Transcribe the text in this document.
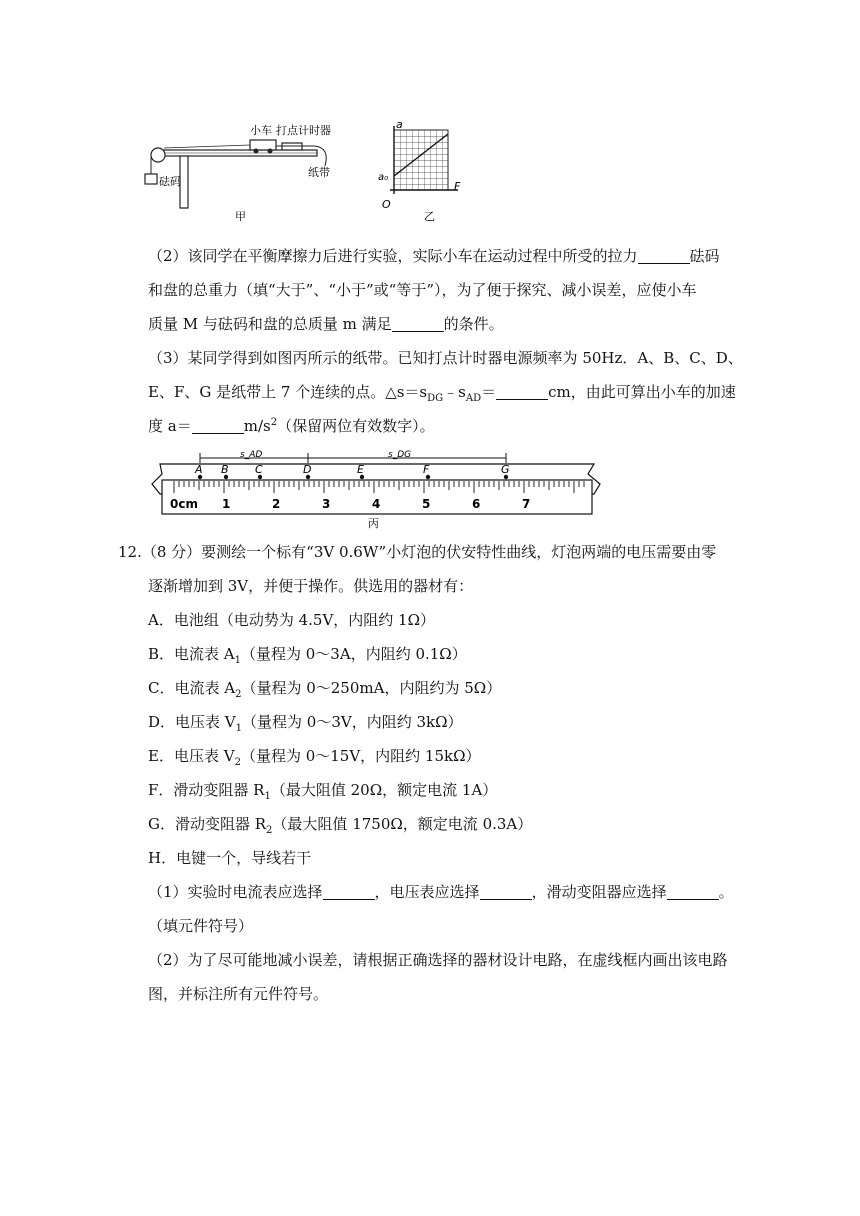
小车 打点计时器
砝码
纸带
甲
a
F
a₀
O
乙
（2）该同学在平衡摩擦力后进行实验，实际小车在运动过程中所受的拉力	砝码
和盘的总重力（填“大于”、“小于”或“等于”），为了便于探究、减小误差，应使小车
质量 M 与砝码和盘的总质量 m 满足	的条件。
（3）某同学得到如图丙所示的纸带。已知打点计时器电源频率为 50Hz．A、B、C、D、
E、F、G 是纸带上 7 个连续的点。$\triangle s=s_{DG}﹣s_{AD}=$	cm，由此可算出小车的加速
度 a＝	$m/s^2$（保留两位有效数字）。
s_AD	s_DG
A B C	D	E	F	G
0cm 1	2	3	4	5	6	7
丙
12.（8 分）要测绘一个标有“3V 0.6W”小灯泡的伏安特性曲线，灯泡两端的电压需要由零
逐渐增加到 3V，并便于操作。供选用的器材有：
A．电池组（电动势为 4.5V，内阻约 1Ω）
B．电流表 $A_1$（量程为 0～3A，内阻约 0.1Ω）
C．电流表 $A_2$（量程为 0～250mA，内阻约为 5Ω）
D．电压表 $V_1$（量程为 0～3V，内阻约 3kΩ）
E．电压表 $V_2$（量程为 0～15V，内阻约 15kΩ）
F．滑动变阻器 $R_1$（最大阻值 20Ω，额定电流 1A）
G．滑动变阻器 $R_2$（最大阻值 1750Ω，额定电流 0.3A）
H．电键一个，导线若干
（1）实验时电流表应选择	，电压表应选择	，滑动变阻器应选择	。
（填元件符号）
（2）为了尽可能地减小误差，请根据正确选择的器材设计电路，在虚线框内画出该电路
图，并标注所有元件符号。
